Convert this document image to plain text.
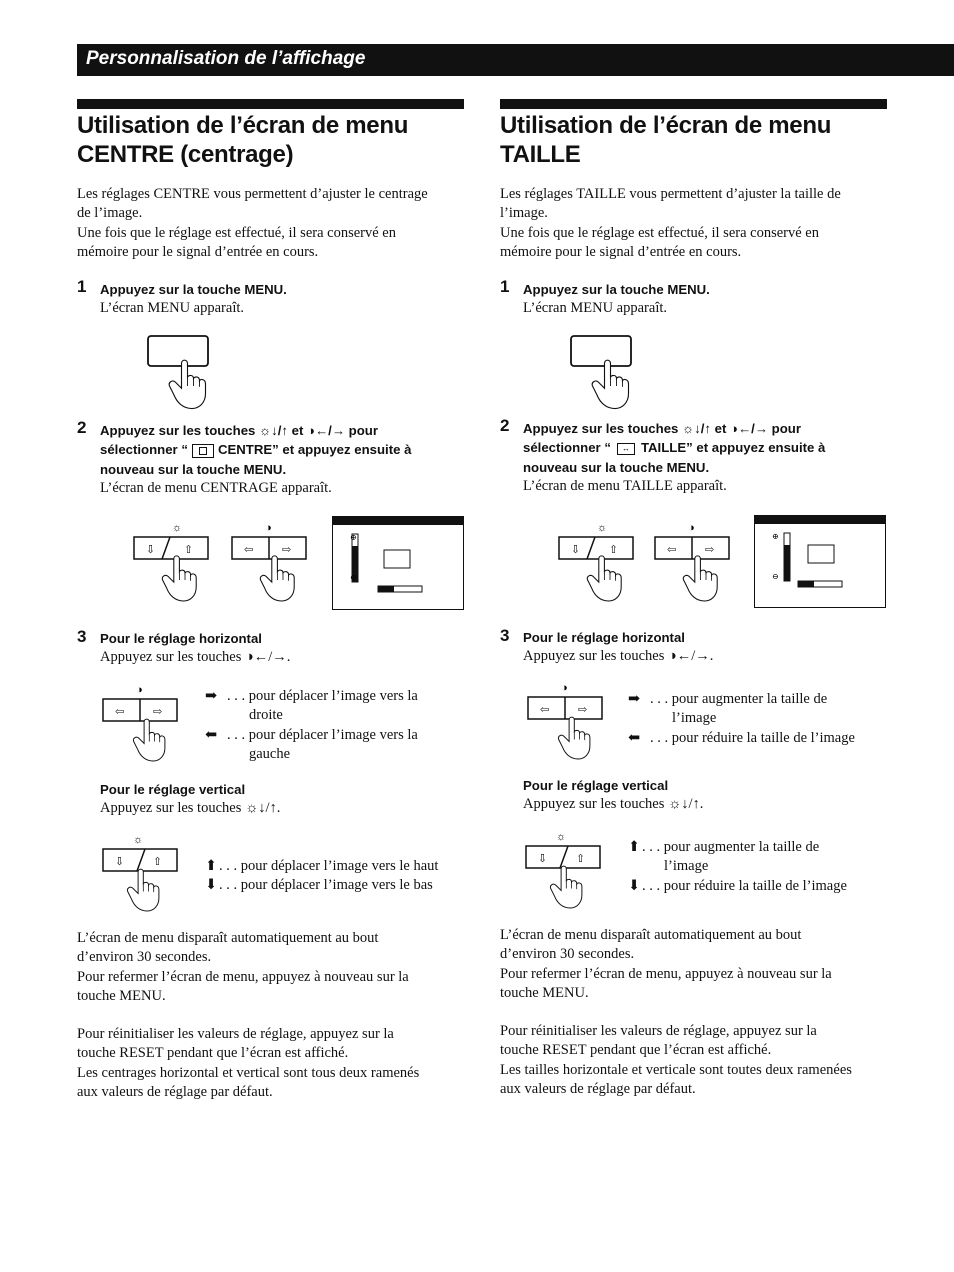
Personnalisation de l’affichage
Utilisation de l’écran de menu
CENTRE (centrage)
Les réglages CENTRE vous permettent d’ajuster le centrage
de l’image.
Une fois que le réglage est effectué, il sera conservé en
mémoire pour le signal d’entrée en cours.
1 Appuyez sur la touche MENU.
L’écran MENU apparaît.
2 Appuyez sur les touches ☼↓/↑ et ◑←/→ pour
sélectionner “ CENTRE” et appuyez ensuite à
nouveau sur la touche MENU.
L’écran de menu CENTRAGE apparaît.
☼
⇩	⇧
◑
⇦	⇨
⊕
⊖
3 Pour le réglage horizontal
Appuyez sur les touches ◑←/→.
◑
⇦	⇨
➡ . . . pour déplacer l’image vers la
droite
⬅ . . . pour déplacer l’image vers la
gauche
Pour le réglage vertical
Appuyez sur les touches ☼↓/↑.
☼
⇩	⇧	⬆ . . . pour déplacer l’image vers le haut
⬇ . . . pour déplacer l’image vers le bas
L’écran de menu disparaît automatiquement au bout
d’environ 30 secondes.
Pour refermer l’écran de menu, appuyez à nouveau sur la
touche MENU.
Pour réinitialiser les valeurs de réglage, appuyez sur la
touche RESET pendant que l’écran est affiché.
Les centrages horizontal et vertical sont tous deux ramenés
aux valeurs de réglage par défaut.
Utilisation de l’écran de menu
TAILLE
Les réglages TAILLE vous permettent d’ajuster la taille de
l’image.
Une fois que le réglage est effectué, il sera conservé en
mémoire pour le signal d’entrée en cours.
1 Appuyez sur la touche MENU.
L’écran MENU apparaît.
2 Appuyez sur les touches ☼↓/↑ et ◑←/→ pour
sélectionner “ ↔ TAILLE” et appuyez ensuite à
nouveau sur la touche MENU.
L’écran de menu TAILLE apparaît.
☼
⇩	⇧
◑
⇦	⇨
⊕
⊖
3 Pour le réglage horizontal
Appuyez sur les touches ◑←/→.
◑
⇦	⇨
➡ . . . pour augmenter la taille de
l’image
⬅ . . . pour réduire la taille de l’image
Pour le réglage vertical
Appuyez sur les touches ☼↓/↑.
☼
⇩	⇧
⬆ . . . pour augmenter la taille de
l’image
⬇ . . . pour réduire la taille de l’image
L’écran de menu disparaît automatiquement au bout
d’environ 30 secondes.
Pour refermer l’écran de menu, appuyez à nouveau sur la
touche MENU.
Pour réinitialiser les valeurs de réglage, appuyez sur la
touche RESET pendant que l’écran est affiché.
Les tailles horizontale et verticale sont toutes deux ramenées
aux valeurs de réglage par défaut.
